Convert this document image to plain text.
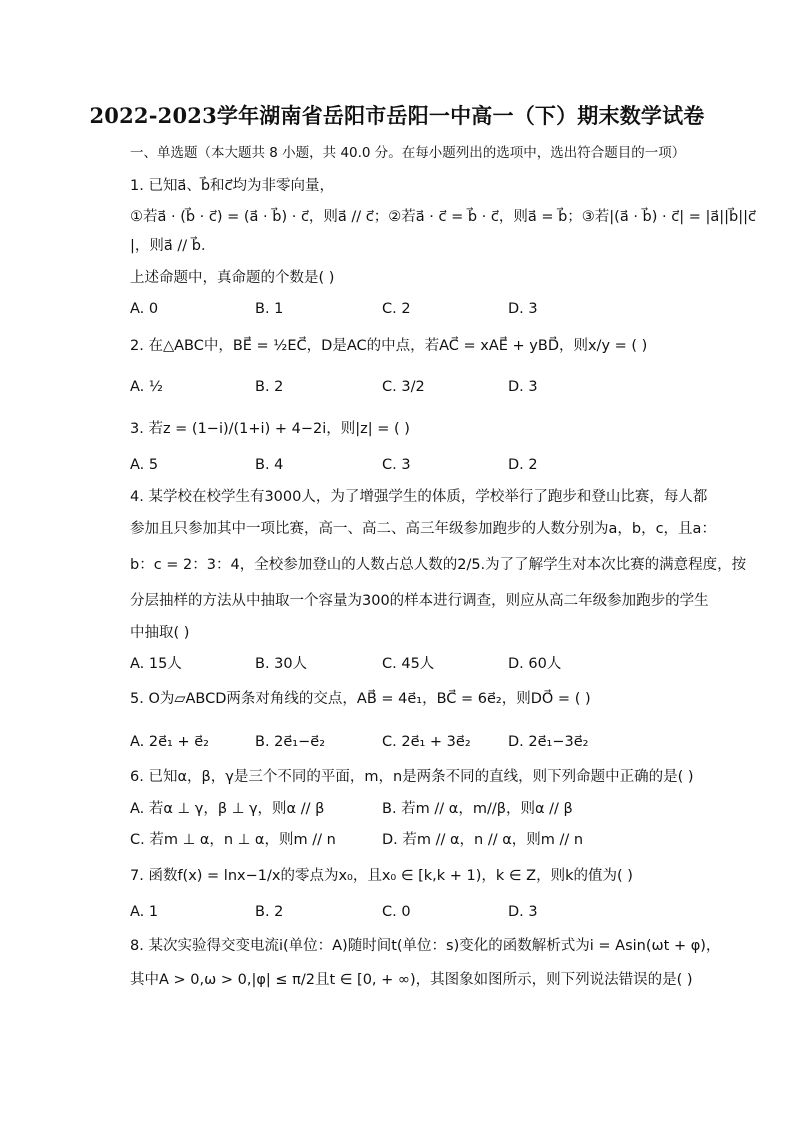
2022-2023学年湖南省岳阳市岳阳一中高一（下）期末数学试卷
一、单选题（本大题共 8 小题，共 40.0 分。在每小题列出的选项中，选出符合题目的一项）
1. 已知a⃗、b⃗和c⃗均为非零向量，
①若a⃗ · (b⃗ · c⃗) = (a⃗ · b⃗) · c⃗，则a⃗ // c⃗；②若a⃗ · c⃗ = b⃗ · c⃗，则a⃗ = b⃗；③若|(a⃗ · b⃗) · c⃗| = |a⃗||b⃗||c⃗
|，则a⃗ // b⃗．
上述命题中，真命题的个数是( )
A. 0	B. 1	C. 2	D. 3
2. 在△ABC中，BE⃗ = ½EC⃗，D是AC的中点，若AC⃗ = xAE⃗ + yBD⃗，则x/y = ( )
A. ½	B. 2	C. 3/2	D. 3
3. 若z = (1−i)/(1+i) + 4−2i，则|z| = ( )
A. 5	B. 4	C. 3	D. 2
4. 某学校在校学生有3000人，为了增强学生的体质，学校举行了跑步和登山比赛，每人都
参加且只参加其中一项比赛，高一、高二、高三年级参加跑步的人数分别为a，b，c，且a：
b：c = 2：3：4，全校参加登山的人数占总人数的2/5.为了了解学生对本次比赛的满意程度，按
分层抽样的方法从中抽取一个容量为300的样本进行调查，则应从高二年级参加跑步的学生
中抽取( )
A. 15人	B. 30人	C. 45人	D. 60人
5. O为▱ABCD两条对角线的交点，AB⃗ = 4e⃗₁，BC⃗ = 6e⃗₂，则DO⃗ = ( )
A. 2e⃗₁ + e⃗₂	B. 2e⃗₁−e⃗₂	C. 2e⃗₁ + 3e⃗₂	D. 2e⃗₁−3e⃗₂
6. 已知α，β，γ是三个不同的平面，m，n是两条不同的直线，则下列命题中正确的是( )
A. 若α ⊥ γ，β ⊥ γ，则α // β	B. 若m // α，m//β，则α // β
C. 若m ⊥ α，n ⊥ α，则m // n	D. 若m // α，n // α，则m // n
7. 函数f(x) = lnx−1/x的零点为x₀，且x₀ ∈ [k,k + 1)，k ∈ Z，则k的值为( )
A. 1	B. 2	C. 0	D. 3
8. 某次实验得交变电流i(单位：A)随时间t(单位：s)变化的函数解析式为i = Asin(ωt + φ)，
其中A > 0,ω > 0,|φ| ≤ π/2且t ∈ [0, + ∞)，其图象如图所示，则下列说法错误的是( )
